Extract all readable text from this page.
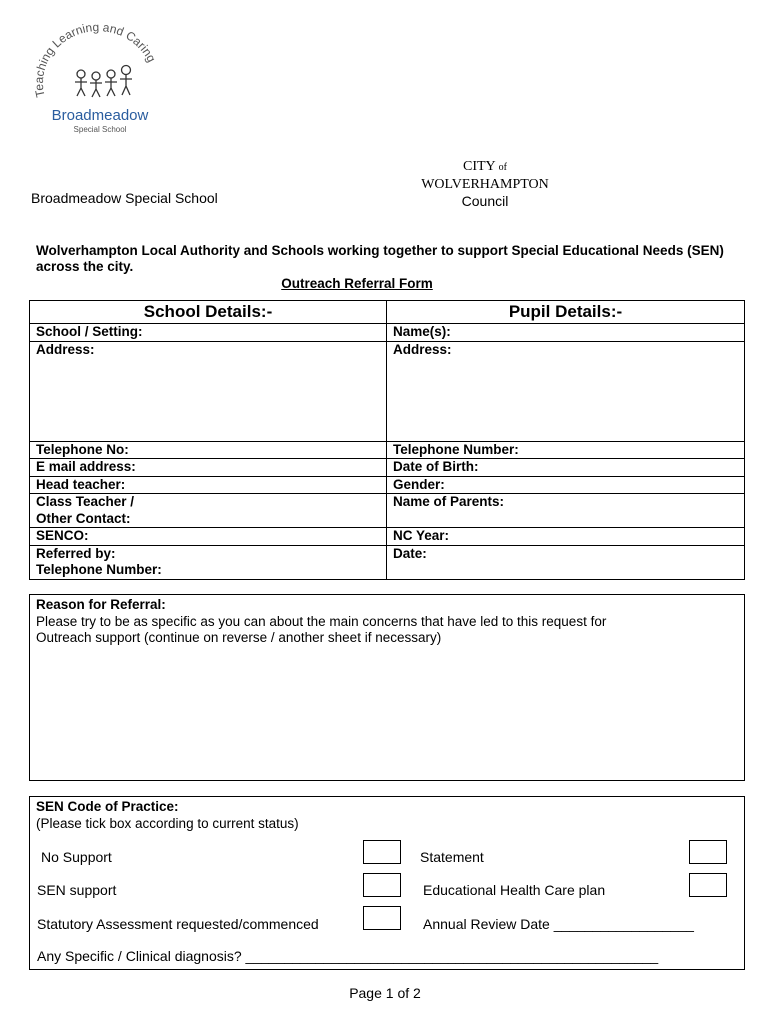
Teaching Learning and Caring
Broadmeadow
Special School
Broadmeadow Special School
CITY of
WOLVERHAMPTON
Council
Wolverhampton Local Authority and Schools working together to support Special Educational Needs (SEN) across the city.
Outreach Referral Form
School Details:-	Pupil Details:-
School / Setting:	Name(s):
Address:	Address:
Telephone No:	Telephone Number:
E mail address:	Date of Birth:
Head teacher:	Gender:

Class Teacher /
Other Contact:	Name of Parents:
SENCO:	NC Year:

Referred by:
Telephone Number:	Date:
Reason for Referral:
Please try to be as specific as you can about the main concerns that have led to this request for
Outreach support (continue on reverse / another sheet if necessary)
SEN Code of Practice:
(Please tick box according to current status)
No Support	Statement
SEN support	Educational Health Care plan
Statutory Assessment requested/commenced	Annual Review Date __________________
Any Specific / Clinical diagnosis? _____________________________________________________
Page 1 of 2
